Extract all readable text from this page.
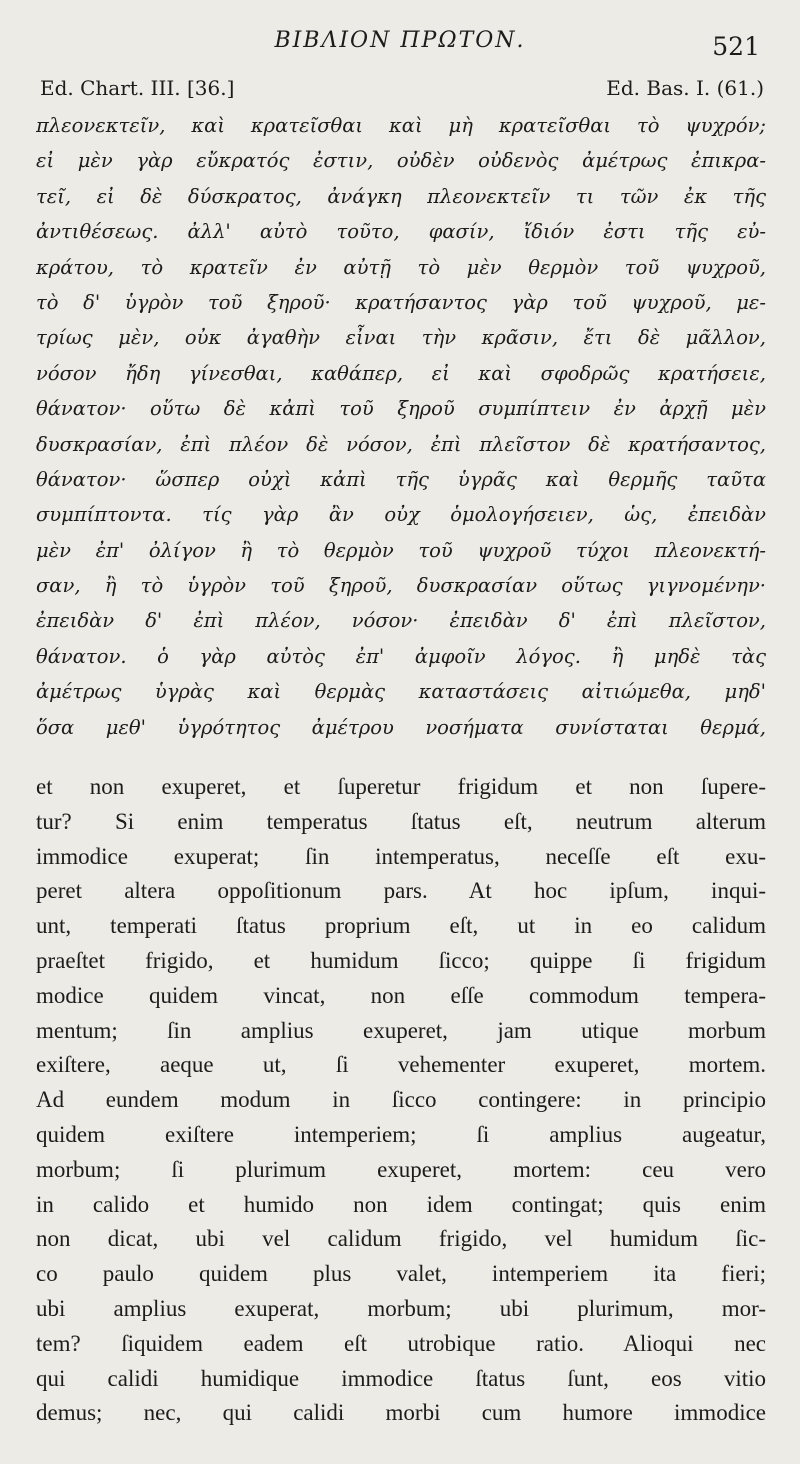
ΒΙΒΛΙΟΝ ΠΡΩΤΟΝ.	521
Ed. Chart. III. [36.]	Ed. Bas. I. (61.)
πλεονεκτεῖν, καὶ κρατεῖσθαι καὶ μὴ κρατεῖσθαι τὸ ψυχρόν;
εἰ μὲν γὰρ εὔκρατός ἐστιν, οὐδὲν οὐδενὸς ἀμέτρως ἐπικρα-
τεῖ, εἰ δὲ δύσκρατος, ἀνάγκη πλεονεκτεῖν τι τῶν ἐκ τῆς
ἀντιθέσεως. ἀλλ' αὐτὸ τοῦτο, φασίν, ἴδιόν ἐστι τῆς εὐ-
κράτου, τὸ κρατεῖν ἐν αὐτῇ τὸ μὲν θερμὸν τοῦ ψυχροῦ,
τὸ δ' ὑγρὸν τοῦ ξηροῦ· κρατήσαντος γὰρ τοῦ ψυχροῦ, με-
τρίως μὲν, οὐκ ἀγαθὴν εἶναι τὴν κρᾶσιν, ἔτι δὲ μᾶλλον,
νόσον ἤδη γίνεσθαι, καθάπερ, εἰ καὶ σφοδρῶς κρατήσειε,
θάνατον· οὕτω δὲ κἀπὶ τοῦ ξηροῦ συμπίπτειν ἐν ἀρχῇ μὲν
δυσκρασίαν, ἐπὶ πλέον δὲ νόσον, ἐπὶ πλεῖστον δὲ κρατήσαντος,
θάνατον· ὥσπερ οὐχὶ κἀπὶ τῆς ὑγρᾶς καὶ θερμῆς ταῦτα
συμπίπτοντα. τίς γὰρ ἂν οὐχ ὁμολογήσειεν, ὡς, ἐπειδὰν
μὲν ἐπ' ὀλίγον ἢ τὸ θερμὸν τοῦ ψυχροῦ τύχοι πλεονεκτή-
σαν, ἢ τὸ ὑγρὸν τοῦ ξηροῦ, δυσκρασίαν οὕτως γιγνομένην·
ἐπειδὰν δ' ἐπὶ πλέον, νόσον· ἐπειδὰν δ' ἐπὶ πλεῖστον,
θάνατον. ὁ γὰρ αὐτὸς ἐπ' ἀμφοῖν λόγος. ἢ μηδὲ τὰς
ἀμέτρως ὑγρὰς καὶ θερμὰς καταστάσεις αἰτιώμεθα, μηδ'
ὅσα μεθ' ὑγρότητος ἀμέτρου νοσήματα συνίσταται θερμά,
et non exuperet, et ſuperetur frigidum et non ſupere-
tur? Si enim temperatus ſtatus eſt, neutrum alterum
immodice exuperat; ſin intemperatus, neceſſe eſt exu-
peret altera oppoſitionum pars. At hoc ipſum, inqui-
unt, temperati ſtatus proprium eſt, ut in eo calidum
praeſtet frigido, et humidum ſicco; quippe ſi frigidum
modice quidem vincat, non eſſe commodum tempera-
mentum; ſin amplius exuperet, jam utique morbum
exiſtere, aeque ut, ſi vehementer exuperet, mortem.
Ad eundem modum in ſicco contingere: in principio
quidem exiſtere intemperiem; ſi amplius augeatur,
morbum; ſi plurimum exuperet, mortem: ceu vero
in calido et humido non idem contingat; quis enim
non dicat, ubi vel calidum frigido, vel humidum ſic-
co paulo quidem plus valet, intemperiem ita fieri;
ubi amplius exuperat, morbum; ubi plurimum, mor-
tem? ſiquidem eadem eſt utrobique ratio. Alioqui nec
qui calidi humidique immodice ſtatus ſunt, eos vitio
demus; nec, qui calidi morbi cum humore immodice
